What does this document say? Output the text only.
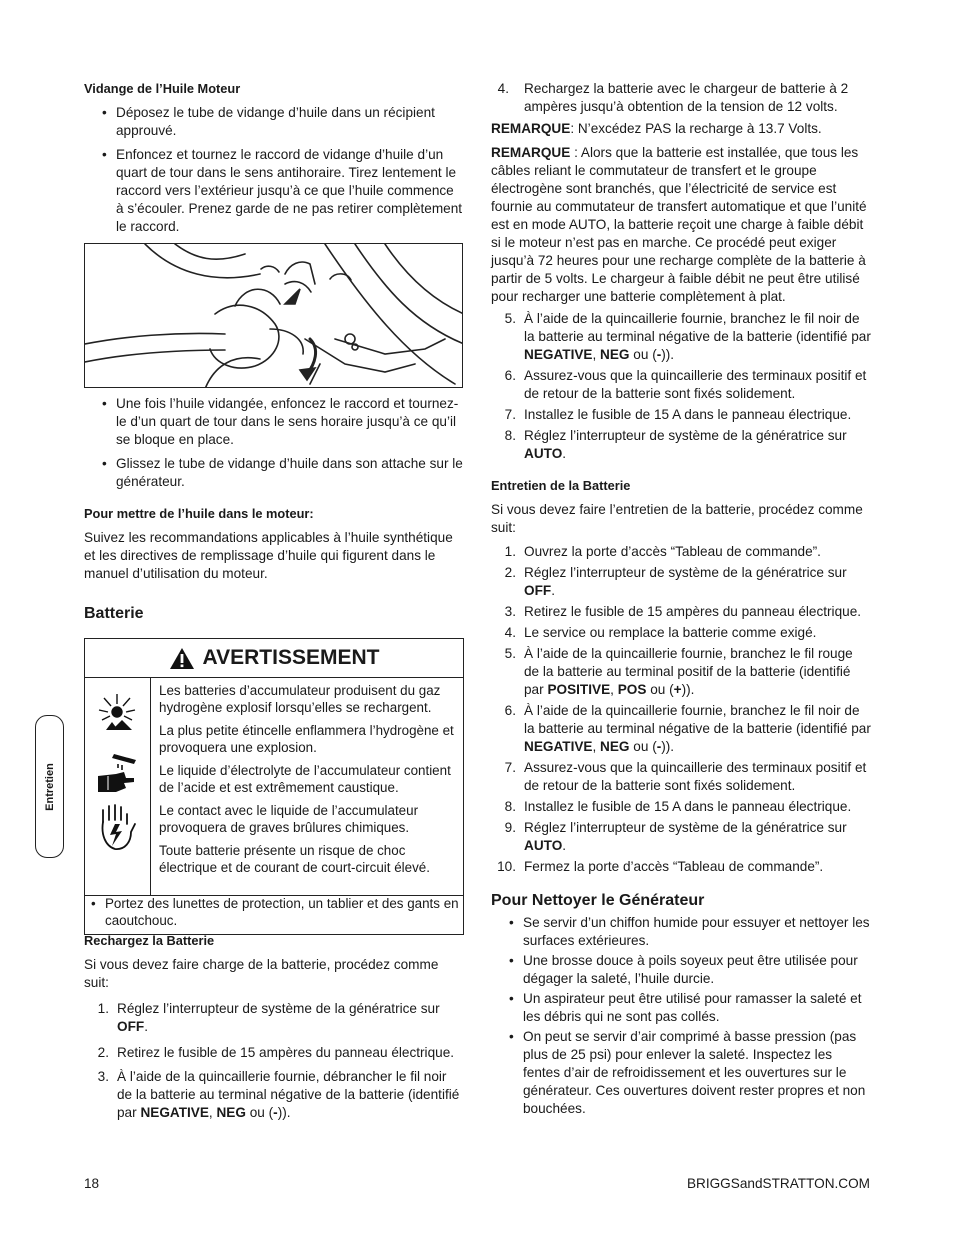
Vidange de l’Huile Moteur

• Déposez le tube de vidange d’huile dans un récipient approuvé.
• Enfoncez et tournez le raccord de vidange d’huile d’un quart de tour dans le sens antihoraire. Tirez lentement le raccord vers l’extérieur jusqu’à ce que l’huile commence à s’écouler. Prenez garde de ne pas retirer complètement le raccord.
• Une fois l’huile vidangée, enfoncez le raccord et tournez-le d’un quart de tour dans le sens horaire jusqu’à ce qu’il se bloque en place.
• Glissez le tube de vidange d’huile dans son attache sur le générateur.

Pour mettre de l’huile dans le moteur:

Suivez les recommandations applicables à l’huile synthétique et les directives de remplissage d’huile qui figurent dans le manuel d’utilisation du moteur.

Batterie

AVERTISSEMENT

Les batteries d’accumulateur produisent du gaz hydrogène explosif lorsqu’elles se rechargent.

La plus petite étincelle enflammera l’hydrogène et provoquera une explosion.

Le liquide d’électrolyte de l’accumulateur contient de l’acide et est extrêmement caustique.

Le contact avec le liquide de l’accumulateur provoquera de graves brûlures chimiques.

Toute batterie présente un risque de choc électrique et de courant de court-circuit élevé.

• Portez des lunettes de protection, un tablier et des gants en caoutchouc.

Rechargez la Batterie

Si vous devez faire charge de la batterie, procédez comme suit:

1. Réglez l’interrupteur de système de la génératrice sur OFF.
2. Retirez le fusible de 15 ampères du panneau électrique.
3. À l’aide de la quincaillerie fournie, débrancher le fil noir de la batterie au terminal négative de la batterie (identifié par NEGATIVE, NEG ou (-)).
4. Rechargez la batterie avec le chargeur de batterie à 2 ampères jusqu’à obtention de la tension de 12 volts.

REMARQUE: N’excédez PAS la recharge à 13.7 Volts.

REMARQUE : Alors que la batterie est installée, que tous les câbles reliant le commutateur de transfert et le groupe électrogène sont branchés, que l’électricité de service est fournie au commutateur de transfert automatique et que l’unité est en mode AUTO, la batterie reçoit une charge à faible débit si le moteur n’est pas en marche. Ce procédé peut exiger jusqu’à 72 heures pour une recharge complète de la batterie à partir de 5 volts. Le chargeur à faible débit ne peut être utilisé pour recharger une batterie complètement à plat.

5. À l’aide de la quincaillerie fournie, branchez le fil noir de la batterie au terminal négative de la batterie (identifié par NEGATIVE, NEG ou (-)).
6. Assurez-vous que la quincaillerie des terminaux positif et de retour de la batterie sont fixés solidement.
7. Installez le fusible de 15 A dans le panneau électrique.
8. Réglez l’interrupteur de système de la génératrice sur AUTO.

Entretien de la Batterie

Si vous devez faire l’entretien de la batterie, procédez comme suit:

1. Ouvrez la porte d’accès “Tableau de commande”.
2. Réglez l’interrupteur de système de la génératrice sur OFF.
3. Retirez le fusible de 15 ampères du panneau électrique.
4. Le service ou remplace la batterie comme exigé.
5. À l’aide de la quincaillerie fournie, branchez le fil rouge de la batterie au terminal positif de la batterie (identifié par POSITIVE, POS ou (+)).
6. À l’aide de la quincaillerie fournie, branchez le fil noir de la batterie au terminal négative de la batterie (identifié par NEGATIVE, NEG ou (-)).
7. Assurez-vous que la quincaillerie des terminaux positif et de retour de la batterie sont fixés solidement.
8. Installez le fusible de 15 A dans le panneau électrique.
9. Réglez l’interrupteur de système de la génératrice sur AUTO.
10. Fermez la porte d’accès “Tableau de commande”.

Pour Nettoyer le Générateur

• Se servir d’un chiffon humide pour essuyer et nettoyer les surfaces extérieures.
• Une brosse douce à poils soyeux peut être utilisée pour dégager la saleté, l’huile durcie.
• Un aspirateur peut être utilisé pour ramasser la saleté et les débris qui ne sont pas collés.
• On peut se servir d’air comprimé à basse pression (pas plus de 25 psi) pour enlever la saleté. Inspectez les fentes d’air de refroidissement et les ouvertures sur le générateur. Ces ouvertures doivent rester propres et non bouchées.
Entretien
18	BRIGGSandSTRATTON.COM
